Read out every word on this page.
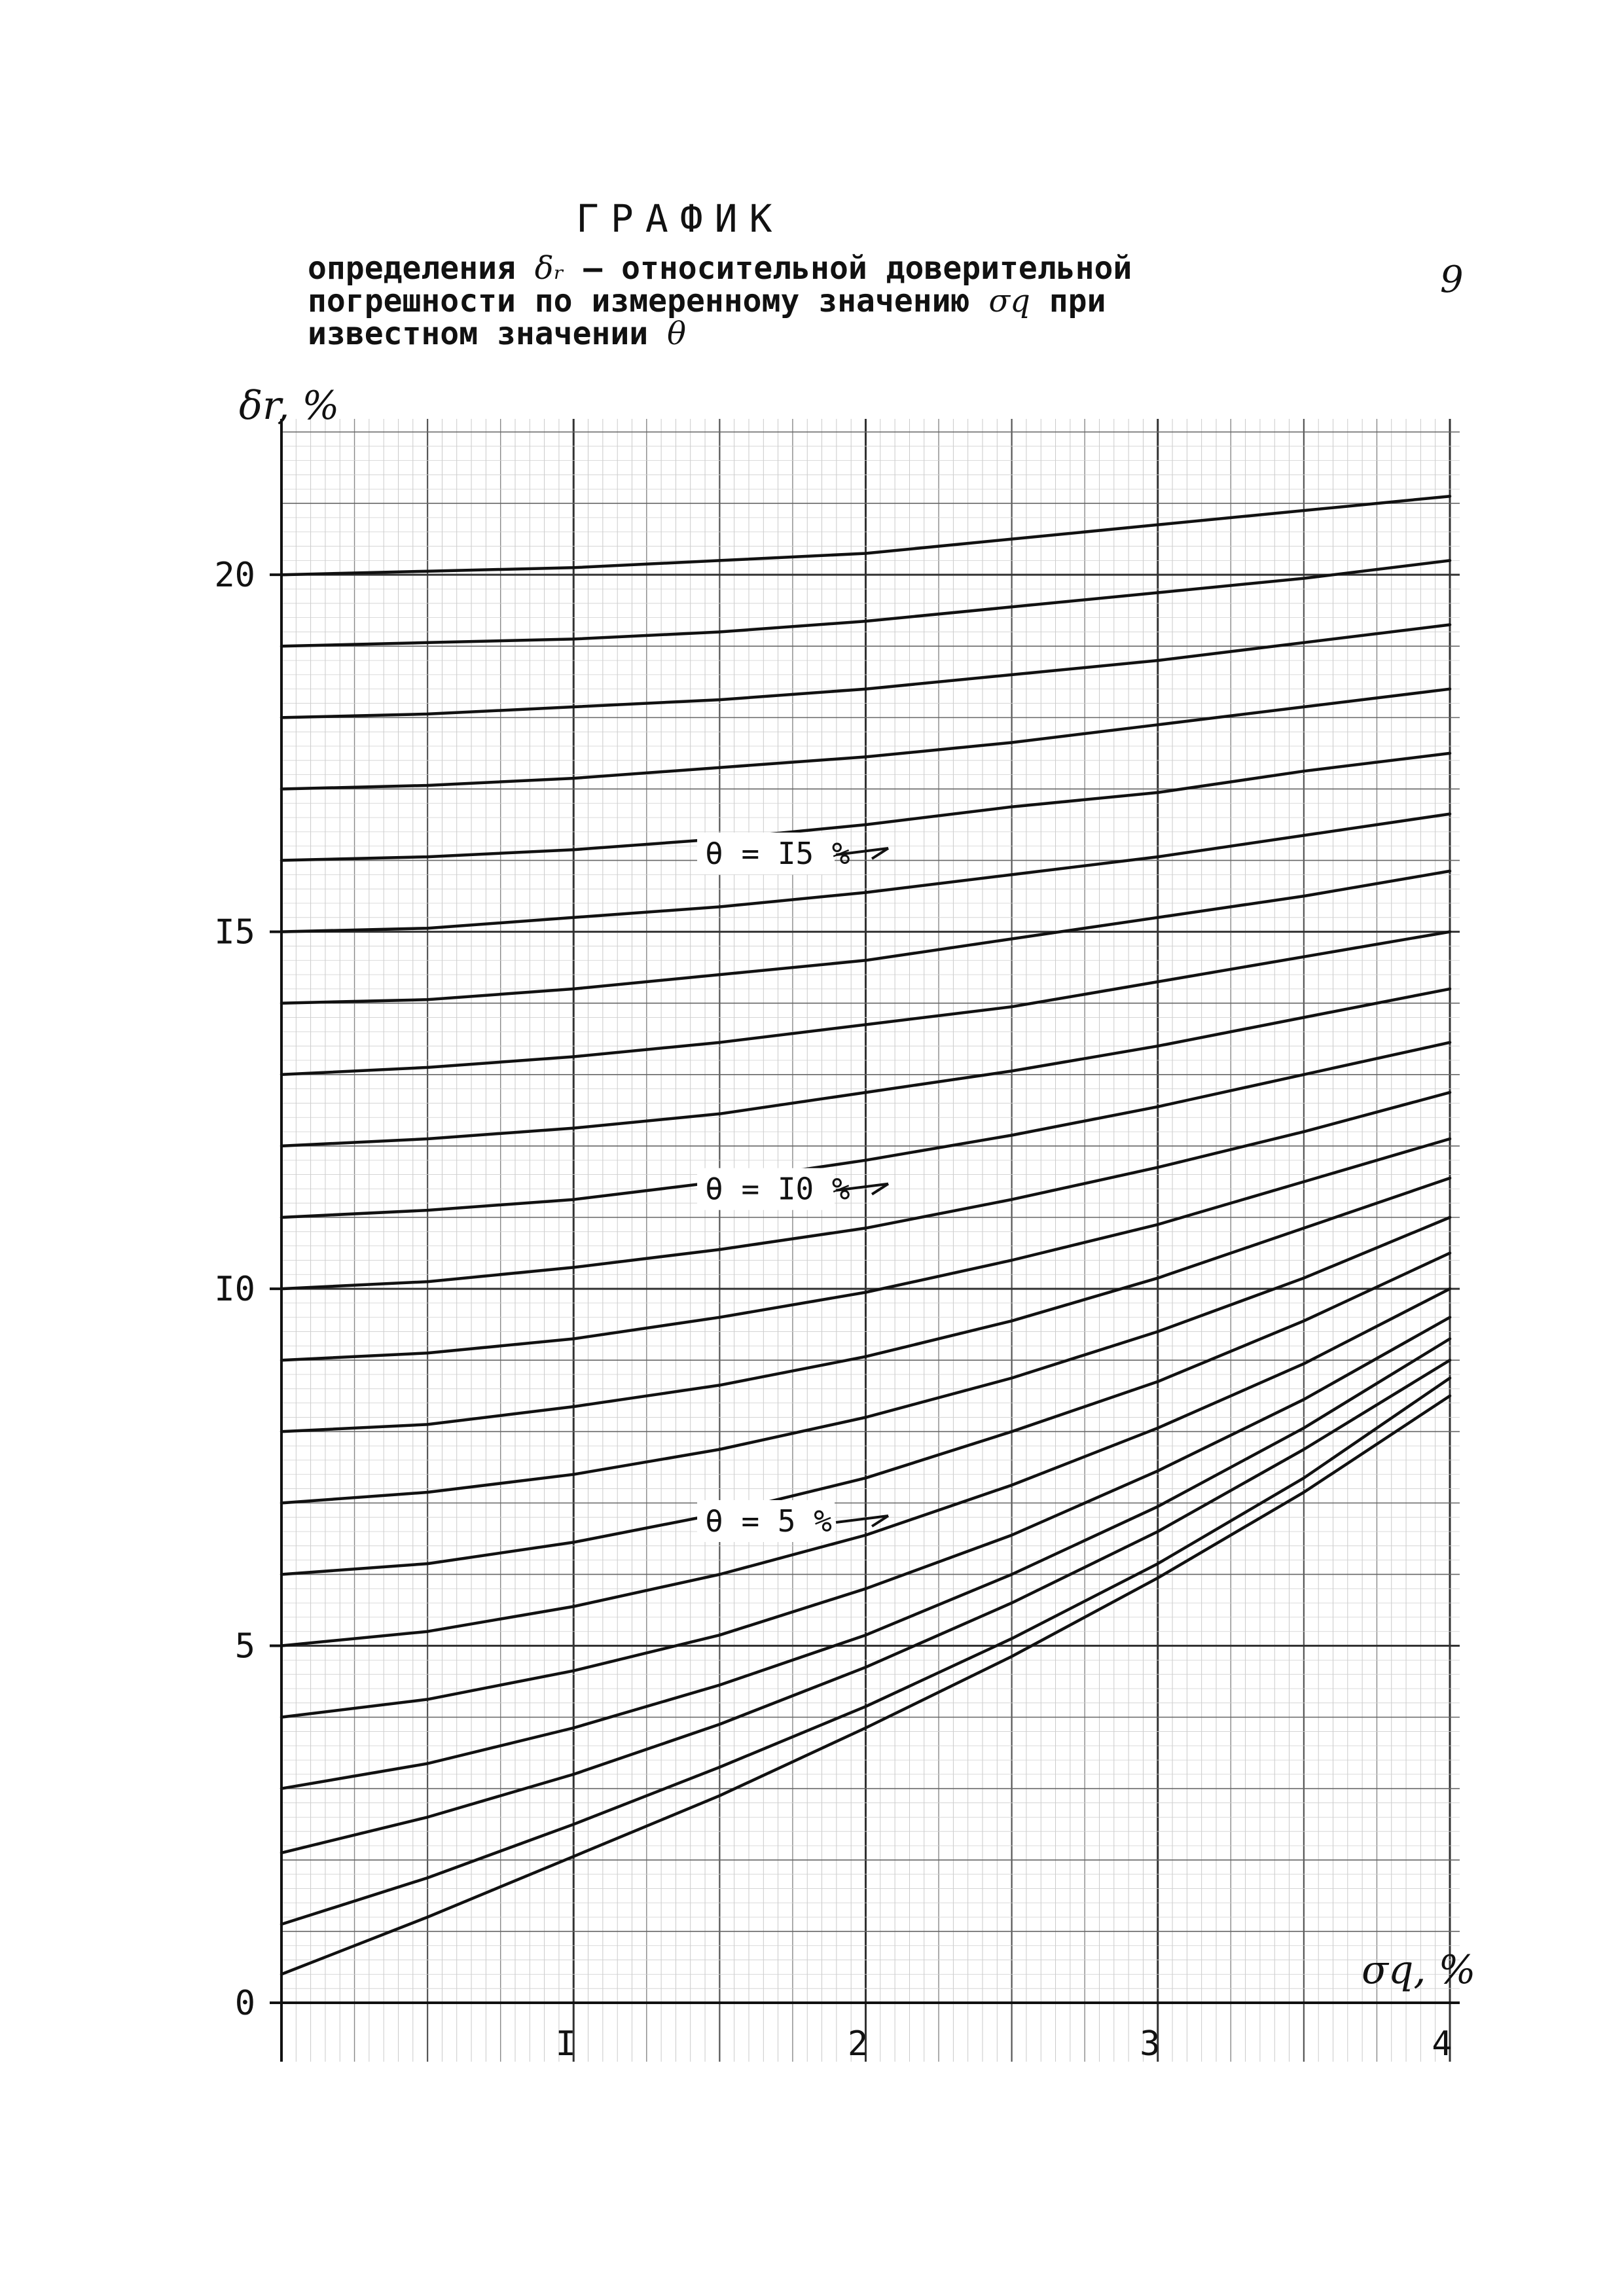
ГРАФИК
9
определения δᵣ – относительной доверительной
погрешности по измеренному значению σq при
известном значении θ
0
5
I0
I5
20
I	2	3	4
δr, %
σq, %
θ = 5 %
θ = I0 %
θ = I5 %
